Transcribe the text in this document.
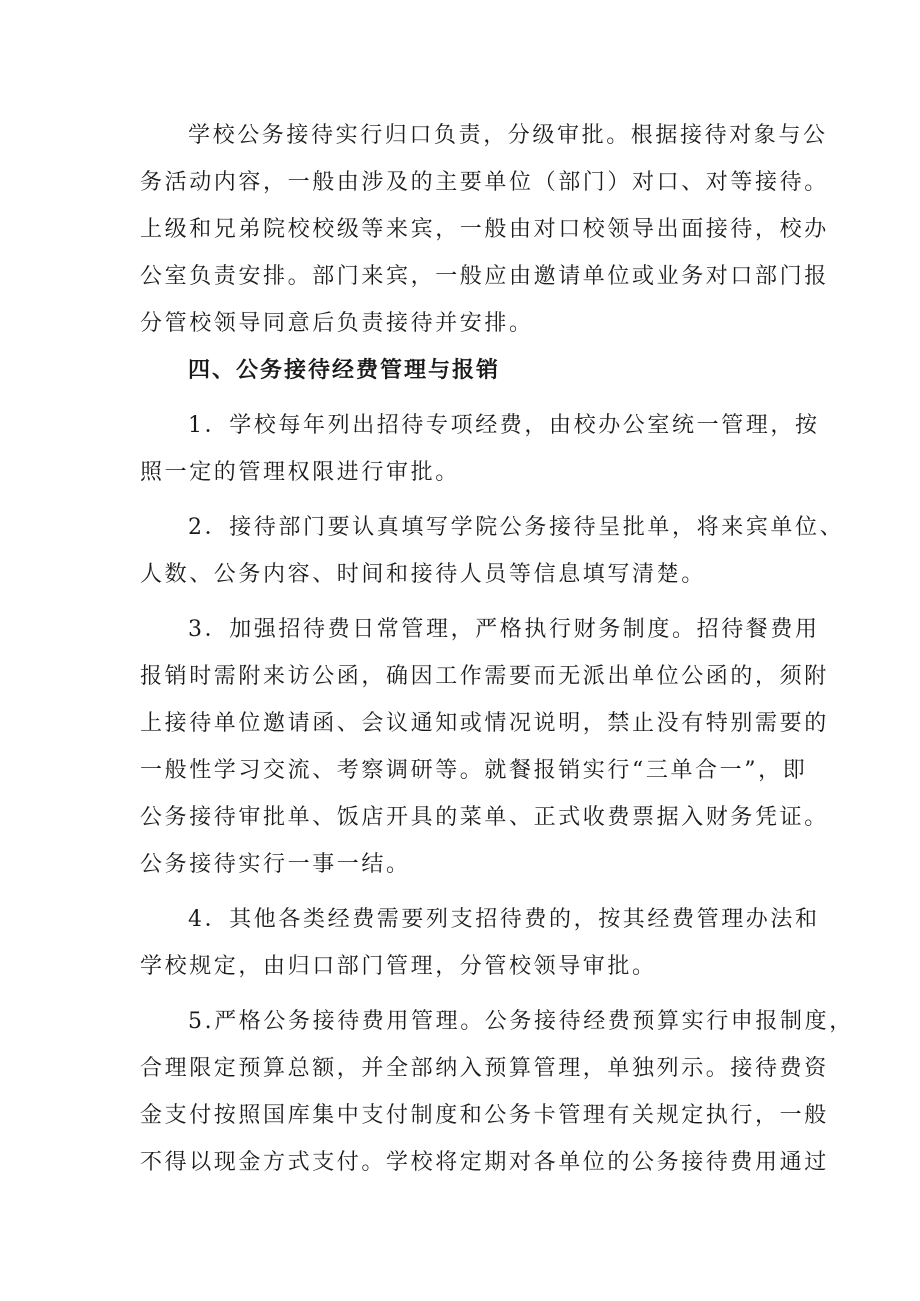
学校公务接待实行归口负责，分级审批。根据接待对象与公
务活动内容，一般由涉及的主要单位（部门）对口、对等接待。
上级和兄弟院校校级等来宾，一般由对口校领导出面接待，校办
公室负责安排。部门来宾，一般应由邀请单位或业务对口部门报
分管校领导同意后负责接待并安排。
四、公务接待经费管理与报销
1．学校每年列出招待专项经费，由校办公室统一管理，按
照一定的管理权限进行审批。
2．接待部门要认真填写学院公务接待呈批单，将来宾单位、
人数、公务内容、时间和接待人员等信息填写清楚。
3．加强招待费日常管理，严格执行财务制度。招待餐费用
报销时需附来访公函，确因工作需要而无派出单位公函的，须附
上接待单位邀请函、会议通知或情况说明，禁止没有特别需要的
一般性学习交流、考察调研等。就餐报销实行“三单合一”，即
公务接待审批单、饭店开具的菜单、正式收费票据入财务凭证。
公务接待实行一事一结。
4．其他各类经费需要列支招待费的，按其经费管理办法和
学校规定，由归口部门管理，分管校领导审批。
5.严格公务接待费用管理。公务接待经费预算实行申报制度，
合理限定预算总额，并全部纳入预算管理，单独列示。接待费资
金支付按照国库集中支付制度和公务卡管理有关规定执行，一般
不得以现金方式支付。学校将定期对各单位的公务接待费用通过
